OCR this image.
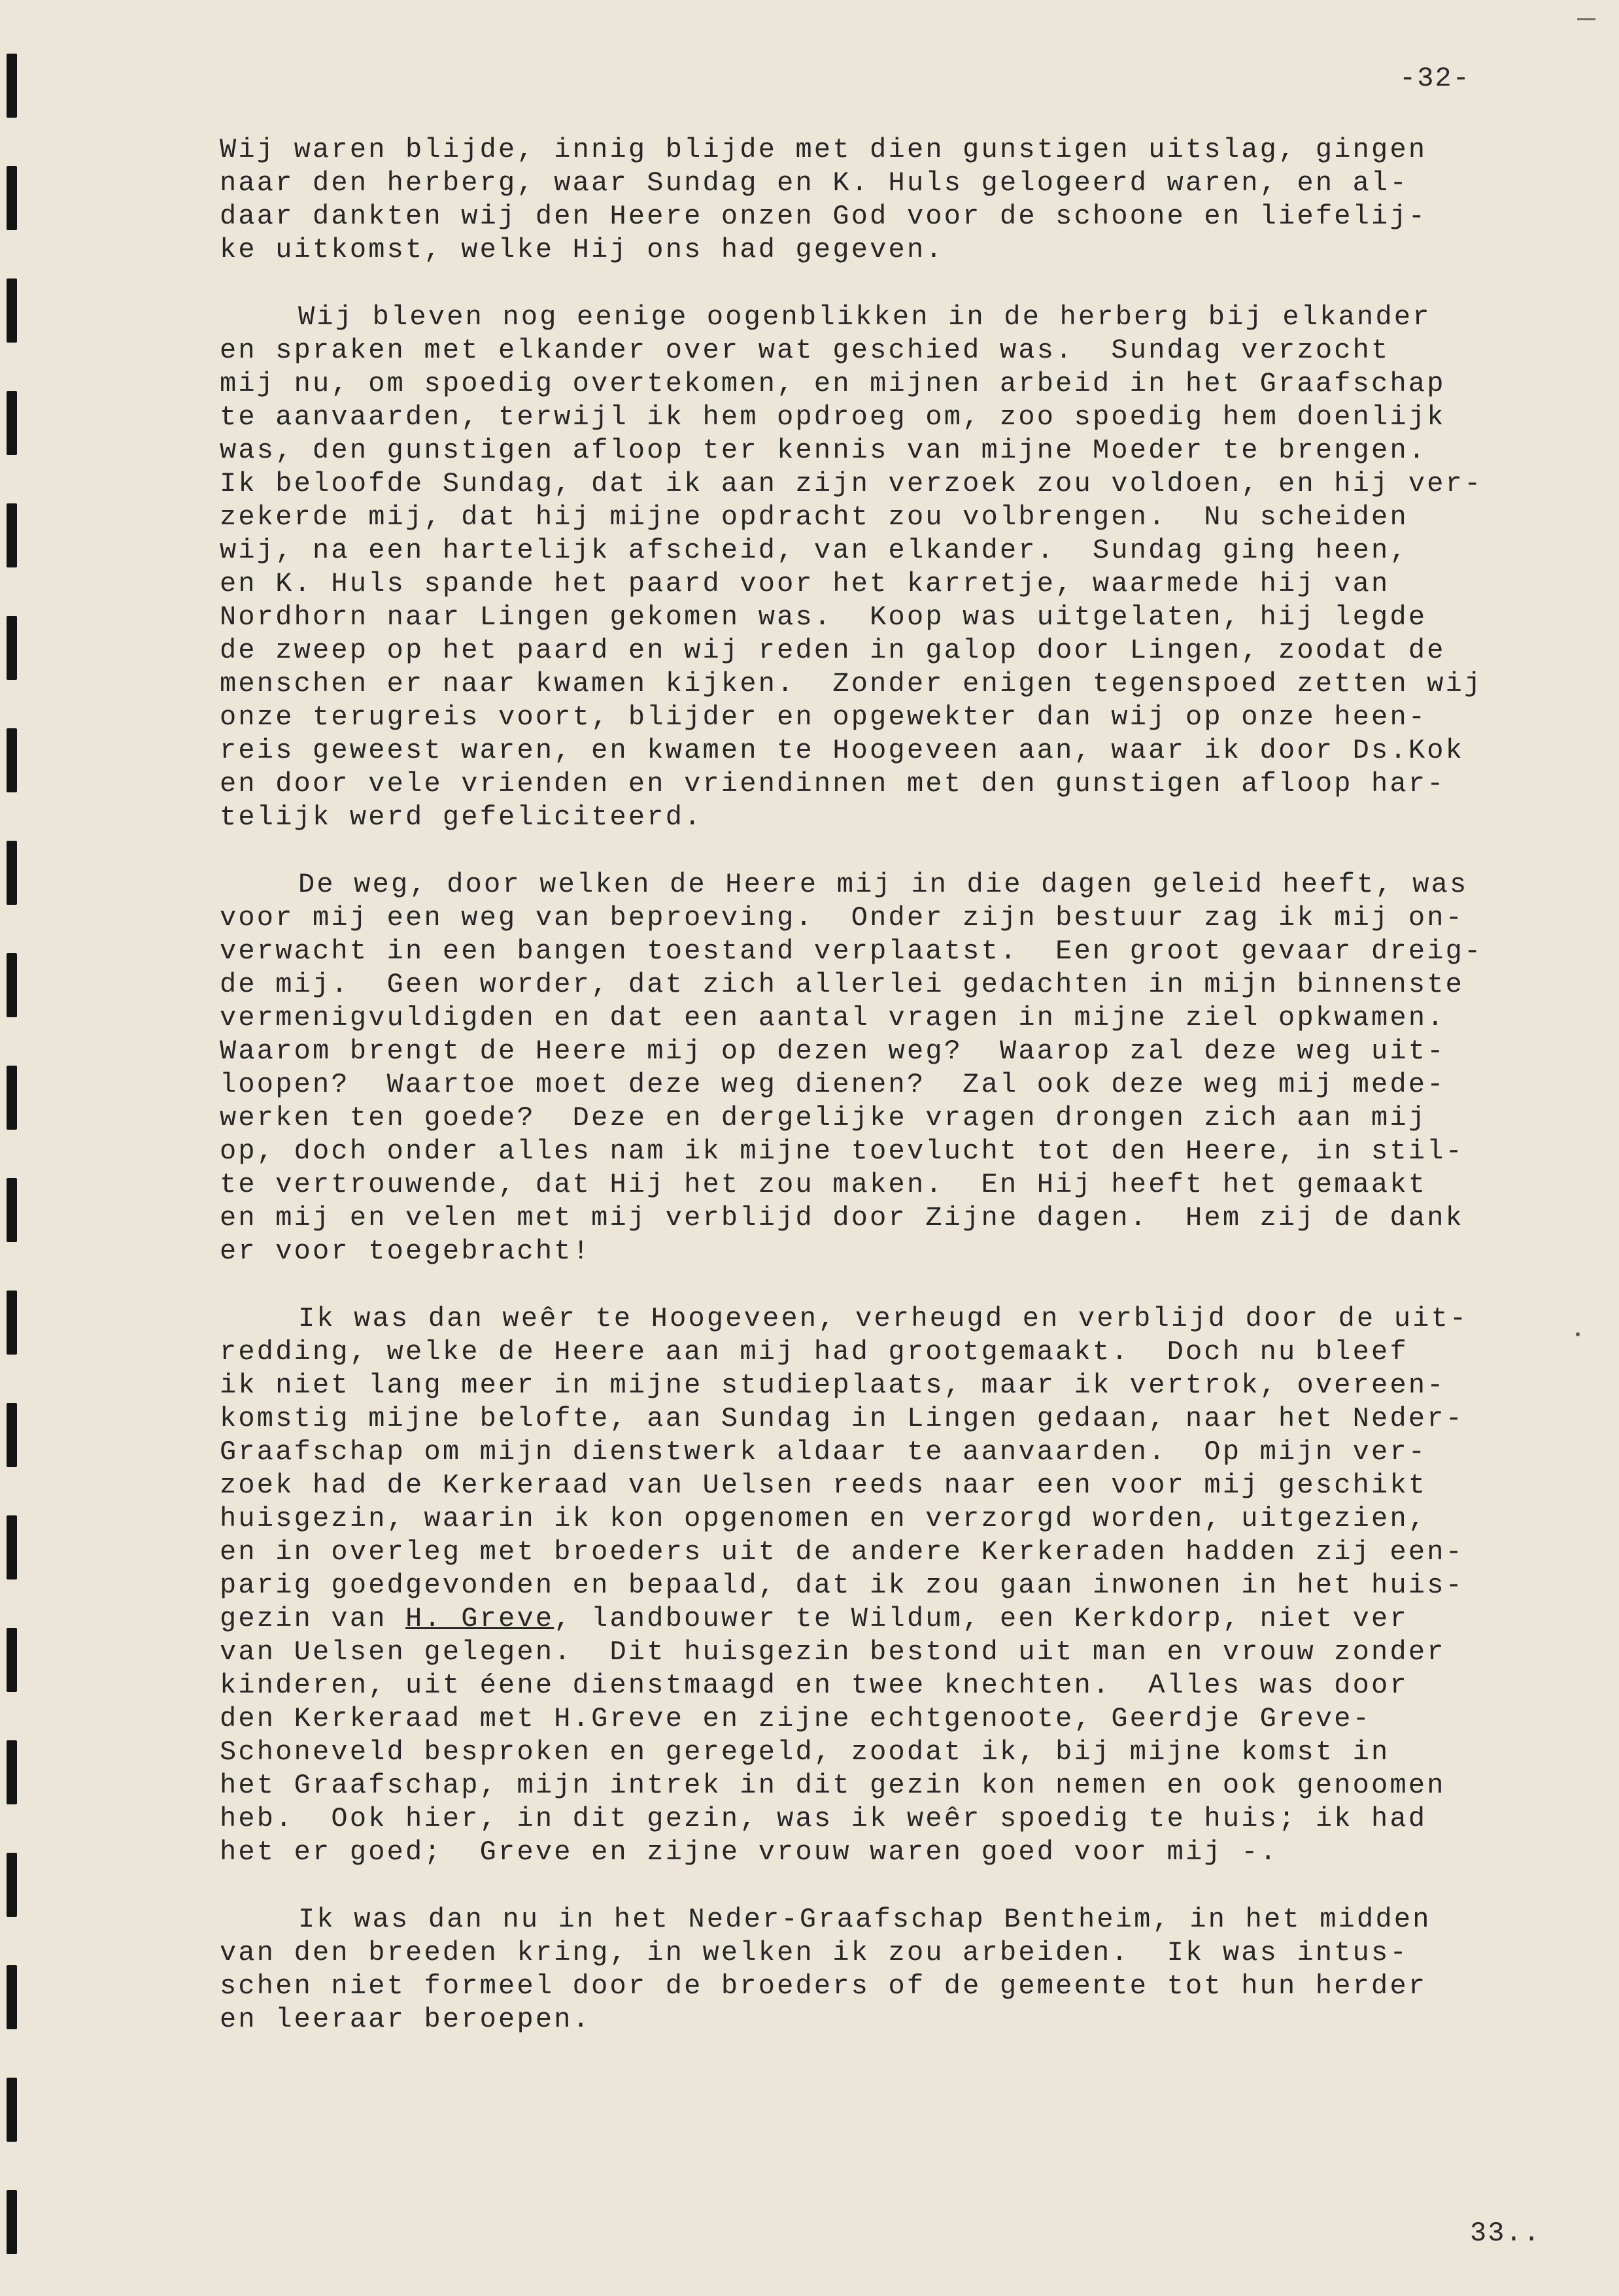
-32-
Wij waren blijde, innig blijde met dien gunstigen uitslag, gingen
naar den herberg, waar Sundag en K. Huls gelogeerd waren, en al-
daar dankten wij den Heere onzen God voor de schoone en liefelij-
ke uitkomst, welke Hij ons had gegeven.
Wij bleven nog eenige oogenblikken in de herberg bij elkander
en spraken met elkander over wat geschied was.  Sundag verzocht
mij nu, om spoedig overtekomen, en mijnen arbeid in het Graafschap
te aanvaarden, terwijl ik hem opdroeg om, zoo spoedig hem doenlijk
was, den gunstigen afloop ter kennis van mijne Moeder te brengen.
Ik beloofde Sundag, dat ik aan zijn verzoek zou voldoen, en hij ver-
zekerde mij, dat hij mijne opdracht zou volbrengen.  Nu scheiden
wij, na een hartelijk afscheid, van elkander.  Sundag ging heen,
en K. Huls spande het paard voor het karretje, waarmede hij van
Nordhorn naar Lingen gekomen was.  Koop was uitgelaten, hij legde
de zweep op het paard en wij reden in galop door Lingen, zoodat de
menschen er naar kwamen kijken.  Zonder enigen tegenspoed zetten wij
onze terugreis voort, blijder en opgewekter dan wij op onze heen-
reis geweest waren, en kwamen te Hoogeveen aan, waar ik door Ds.Kok
en door vele vrienden en vriendinnen met den gunstigen afloop har-
telijk werd gefeliciteerd.
De weg, door welken de Heere mij in die dagen geleid heeft, was
voor mij een weg van beproeving.  Onder zijn bestuur zag ik mij on-
verwacht in een bangen toestand verplaatst.  Een groot gevaar dreig-
de mij.  Geen worder, dat zich allerlei gedachten in mijn binnenste
vermenigvuldigden en dat een aantal vragen in mijne ziel opkwamen.
Waarom brengt de Heere mij op dezen weg?  Waarop zal deze weg uit-
loopen?  Waartoe moet deze weg dienen?  Zal ook deze weg mij mede-
werken ten goede?  Deze en dergelijke vragen drongen zich aan mij
op, doch onder alles nam ik mijne toevlucht tot den Heere, in stil-
te vertrouwende, dat Hij het zou maken.  En Hij heeft het gemaakt
en mij en velen met mij verblijd door Zijne dagen.  Hem zij de dank
er voor toegebracht!
Ik was dan weêr te Hoogeveen, verheugd en verblijd door de uit-
redding, welke de Heere aan mij had grootgemaakt.  Doch nu bleef
ik niet lang meer in mijne studieplaats, maar ik vertrok, overeen-
komstig mijne belofte, aan Sundag in Lingen gedaan, naar het Neder-
Graafschap om mijn dienstwerk aldaar te aanvaarden.  Op mijn ver-
zoek had de Kerkeraad van Uelsen reeds naar een voor mij geschikt
huisgezin, waarin ik kon opgenomen en verzorgd worden, uitgezien,
en in overleg met broeders uit de andere Kerkeraden hadden zij een-
parig goedgevonden en bepaald, dat ik zou gaan inwonen in het huis-
gezin van H. Greve, landbouwer te Wildum, een Kerkdorp, niet ver
van Uelsen gelegen.  Dit huisgezin bestond uit man en vrouw zonder
kinderen, uit éene dienstmaagd en twee knechten.  Alles was door
den Kerkeraad met H.Greve en zijne echtgenoote, Geerdje Greve-
Schoneveld besproken en geregeld, zoodat ik, bij mijne komst in
het Graafschap, mijn intrek in dit gezin kon nemen en ook genoomen
heb.  Ook hier, in dit gezin, was ik weêr spoedig te huis; ik had
het er goed;  Greve en zijne vrouw waren goed voor mij -.
Ik was dan nu in het Neder-Graafschap Bentheim, in het midden
van den breeden kring, in welken ik zou arbeiden.  Ik was intus-
schen niet formeel door de broeders of de gemeente tot hun herder
en leeraar beroepen.
33..
